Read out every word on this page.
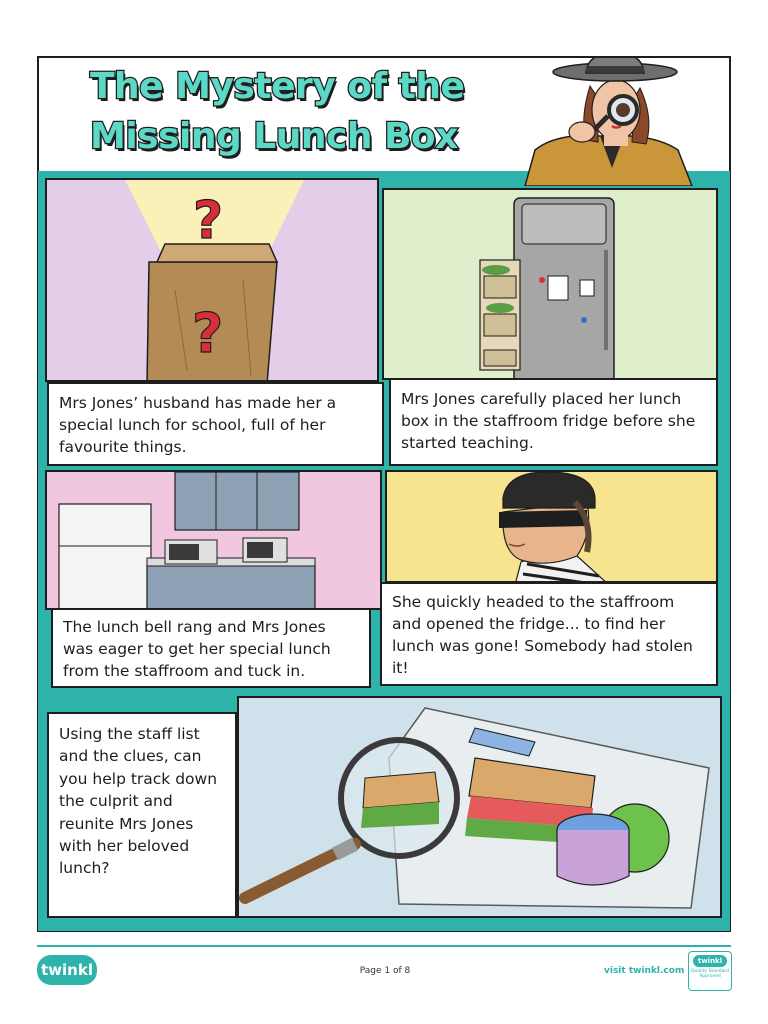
The Mystery of the
Missing Lunch Box
?
?
Mrs Jones’ husband has made her a special lunch for school, full of her favourite things.
Mrs Jones carefully placed her lunch box in the staffroom fridge before she started teaching.
The lunch bell rang and Mrs Jones was eager to get her special lunch from the staffroom and tuck in.
She quickly headed to the staffroom and opened the fridge... to find her lunch was gone! Somebody had stolen it!
Using the staff list and the clues, can you help track down the culprit and reunite Mrs Jones with her beloved lunch?
twinkl	Page 1 of 8	visit twinkl.com
twinkl
Quality Standard Approved
